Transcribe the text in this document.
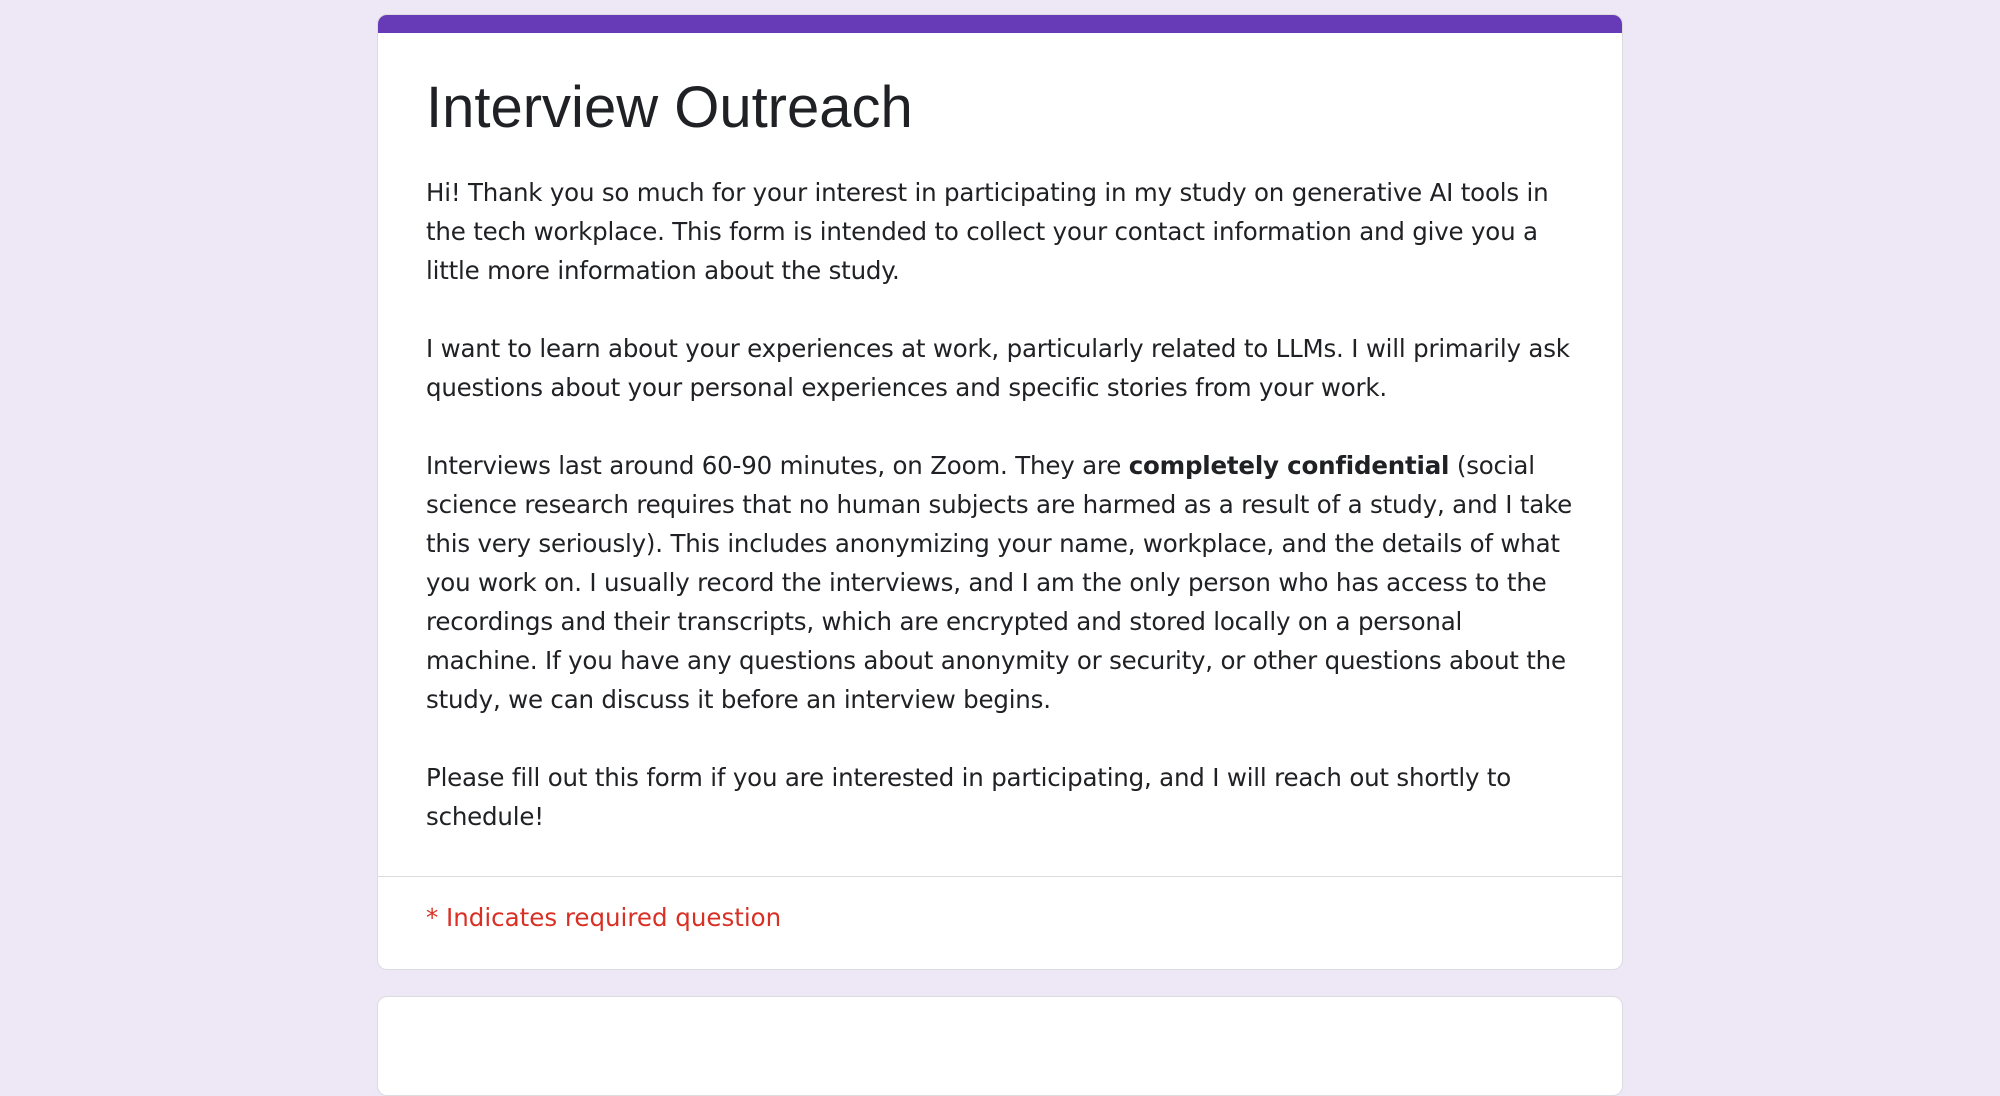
Interview Outreach

Hi! Thank you so much for your interest in participating in my study on generative AI tools in the tech workplace. This form is intended to collect your contact information and give you a little more information about the study.

I want to learn about your experiences at work, particularly related to LLMs. I will primarily ask questions about your personal experiences and specific stories from your work.

Interviews last around 60-90 minutes, on Zoom. They are completely confidential (social science research requires that no human subjects are harmed as a result of a study, and I take this very seriously). This includes anonymizing your name, workplace, and the details of what you work on. I usually record the interviews, and I am the only person who has access to the recordings and their transcripts, which are encrypted and stored locally on a personal machine. If you have any questions about anonymity or security, or other questions about the study, we can discuss it before an interview begins.

Please fill out this form if you are interested in participating, and I will reach out shortly to schedule!

* Indicates required question
